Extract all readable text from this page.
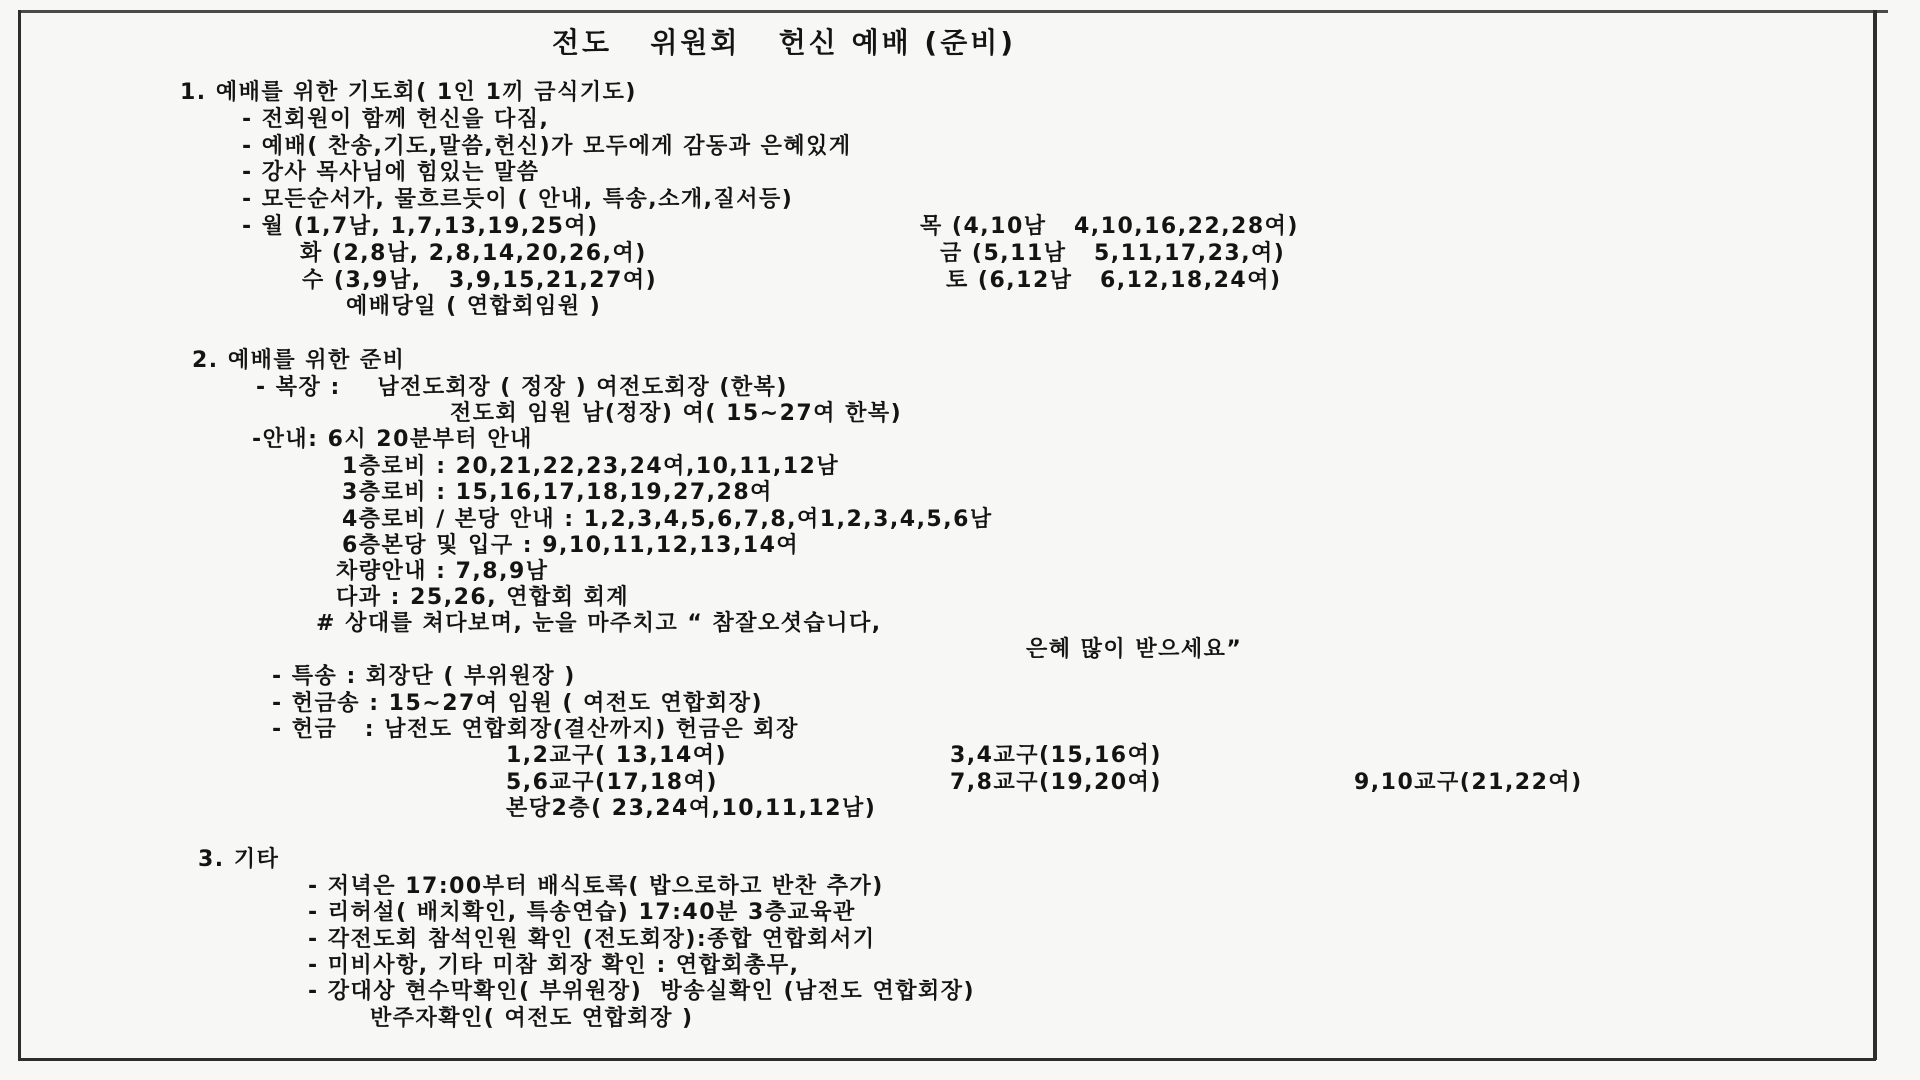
전도   위원회   헌신 예배 (준비)
1. 예배를 위한 기도회( 1인 1끼 금식기도)
- 전회원이 함께 헌신을 다짐,
- 예배( 찬송,기도,말씀,헌신)가 모두에게 감동과 은혜있게
- 강사 목사님에 힘있는 말씀
- 모든순서가, 물흐르듯이 ( 안내, 특송,소개,질서등)
- 월 (1,7남, 1,7,13,19,25여)	목 (4,10남   4,10,16,22,28여)
화 (2,8남, 2,8,14,20,26,여)	금 (5,11남   5,11,17,23,여)
수 (3,9남,   3,9,15,21,27여)	토 (6,12남   6,12,18,24여)
예배당일 ( 연합회임원 )
2. 예배를 위한 준비
- 복장 :    남전도회장 ( 정장 ) 여전도회장 (한복)
전도회 임원 남(정장) 여( 15~27여 한복)
-안내: 6시 20분부터 안내
1층로비 : 20,21,22,23,24여,10,11,12남
3층로비 : 15,16,17,18,19,27,28여
4층로비 / 본당 안내 : 1,2,3,4,5,6,7,8,여1,2,3,4,5,6남
6층본당 및 입구 : 9,10,11,12,13,14여
차량안내 : 7,8,9남
다과 : 25,26, 연합회 회계
# 상대를 쳐다보며, 눈을 마주치고 “ 참잘오셧습니다,
은혜 많이 받으세요”
- 특송 : 회장단 ( 부위원장 )
- 헌금송 : 15~27여 임원 ( 여전도 연합회장)
- 헌금   : 남전도 연합회장(결산까지) 헌금은 회장
1,2교구( 13,14여)	3,4교구(15,16여)
5,6교구(17,18여)	7,8교구(19,20여)	9,10교구(21,22여)
본당2층( 23,24여,10,11,12남)
3. 기타
- 저녁은 17:00부터 배식토록( 밥으로하고 반찬 추가)
- 리허설( 배치확인, 특송연습) 17:40분 3층교육관
- 각전도회 참석인원 확인 (전도회장):종합 연합회서기
- 미비사항, 기타 미참 회장 확인 : 연합회총무,
- 강대상 현수막확인( 부위원장)  방송실확인 (남전도 연합회장)
반주자확인( 여전도 연합회장 )
